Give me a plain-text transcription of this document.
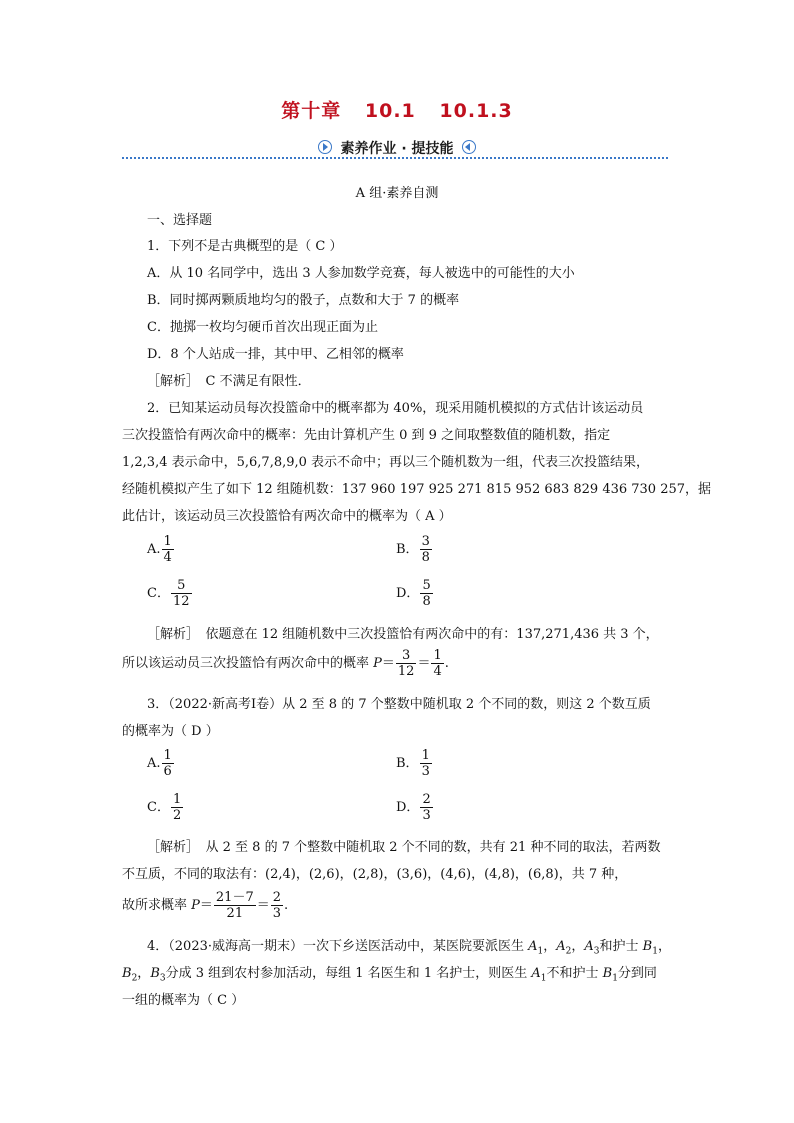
第十章 10.1 10.1.3
素养作业 · 提技能
A 组·素养自测
一、选择题
1．下列不是古典概型的是（ C ）
A．从 10 名同学中，选出 3 人参加数学竞赛，每人被选中的可能性的大小
B．同时掷两颗质地均匀的骰子，点数和大于 7 的概率
C．抛掷一枚均匀硬币首次出现正面为止
D．8 个人站成一排，其中甲、乙相邻的概率
［解析］　C 不满足有限性．
2．已知某运动员每次投篮命中的概率都为 40%，现采用随机模拟的方式估计该运动员
三次投篮恰有两次命中的概率：先由计算机产生 0 到 9 之间取整数值的随机数，指定
1,2,3,4 表示命中，5,6,7,8,9,0 表示不命中；再以三个随机数为一组，代表三次投篮结果，
经随机模拟产生了如下 12 组随机数：137 960 197 925 271 815 952 683 829 436 730 257，据
此估计，该运动员三次投篮恰有两次命中的概率为（ A ）
A. $\frac{1}{4}$	B． $\frac{3}{8}$
C． $\frac{5}{12}$	D． $\frac{5}{8}$
［解析］　依题意在 12 组随机数中三次投篮恰有两次命中的有：137,271,436 共 3 个，
所以该运动员三次投篮恰有两次命中的概率 $P= \frac{3}{12} = \frac{1}{4}$ .
3．（2022·新高考Ⅰ卷）从 2 至 8 的 7 个整数中随机取 2 个不同的数，则这 2 个数互质
的概率为（ D ）
A. $\frac{1}{6}$	B． $\frac{1}{3}$
C． $\frac{1}{2}$	D． $\frac{2}{3}$
［解析］　从 2 至 8 的 7 个整数中随机取 2 个不同的数，共有 21 种不同的取法，若两数
不互质，不同的取法有：(2,4)，(2,6)，(2,8)，(3,6)，(4,6)，(4,8)，(6,8)，共 7 种，
故所求概率 $P= \frac{21-7}{21} = \frac{2}{3}$ .
4．（2023·威海高一期末）一次下乡送医活动中，某医院要派医生 $A_1$，$A_2$，$A_3$和护士 $B_1$，
$B_2$，$B_3$分成 3 组到农村参加活动，每组 1 名医生和 1 名护士，则医生 $A_1$不和护士 $B_1$分到同
一组的概率为（ C ）
